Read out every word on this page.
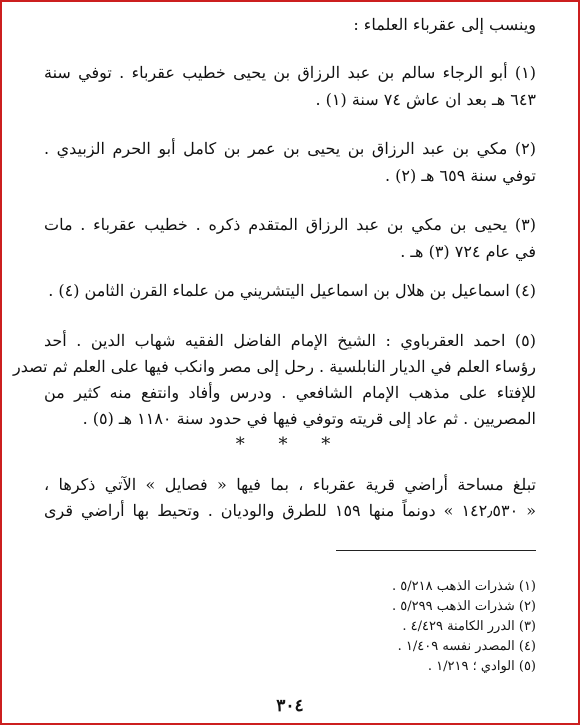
وينسب إلى عقرباء العلماء :
(١) أبو الرجاء سالم بن عبد الرزاق بن يحيى خطيب عقرباء . توفي سنة
٦٤٣ هـ بعد ان عاش ٧٤ سنة (١) .
(٢) مكي بن عبد الرزاق بن يحيى بن عمر بن كامل أبو الحرم الزبيدي .
توفي سنة ٦٥٩ هـ (٢) .
(٣) يحيى بن مكي بن عبد الرزاق المتقدم ذكره . خطيب عقرباء . مات
في عام ٧٢٤ (٣) هـ .
(٤) اسماعيل بن هلال بن اسماعيل اليتشريني من علماء القرن الثامن (٤) .
(٥) احمد العقرباوي : الشيخ الإمام الفاضل الفقيه شهاب الدين . أحد
رؤساء العلم في الديار النابلسية . رحل إلى مصر وانكب فيها على العلم ثم تصدر
للإفتاء على مذهب الإمام الشافعي . ودرس وأفاد وانتفع منه كثير من
المصريين . ثم عاد إلى قريته وتوفي فيها في حدود سنة ١١٨٠ هـ (٥) .
* * *
تبلغ مساحة أراضي قرية عقرباء ، بما فيها « فصايل » الآتي ذكرها ،
« ١٤٢٫٥٣٠ » دونماً منها ١٥٩ للطرق والوديان . وتحيط بها أراضي قرى
(١) شذرات الذهب ٥/٢١٨ .
(٢) شذرات الذهب ٥/٢٩٩ .
(٣) الدرر الكامنة ٤/٤٢٩ .
(٤) المصدر نفسه ١/٤٠٩ .
(٥) الوادي ؛ ١/٢١٩ .
٣٠٤
